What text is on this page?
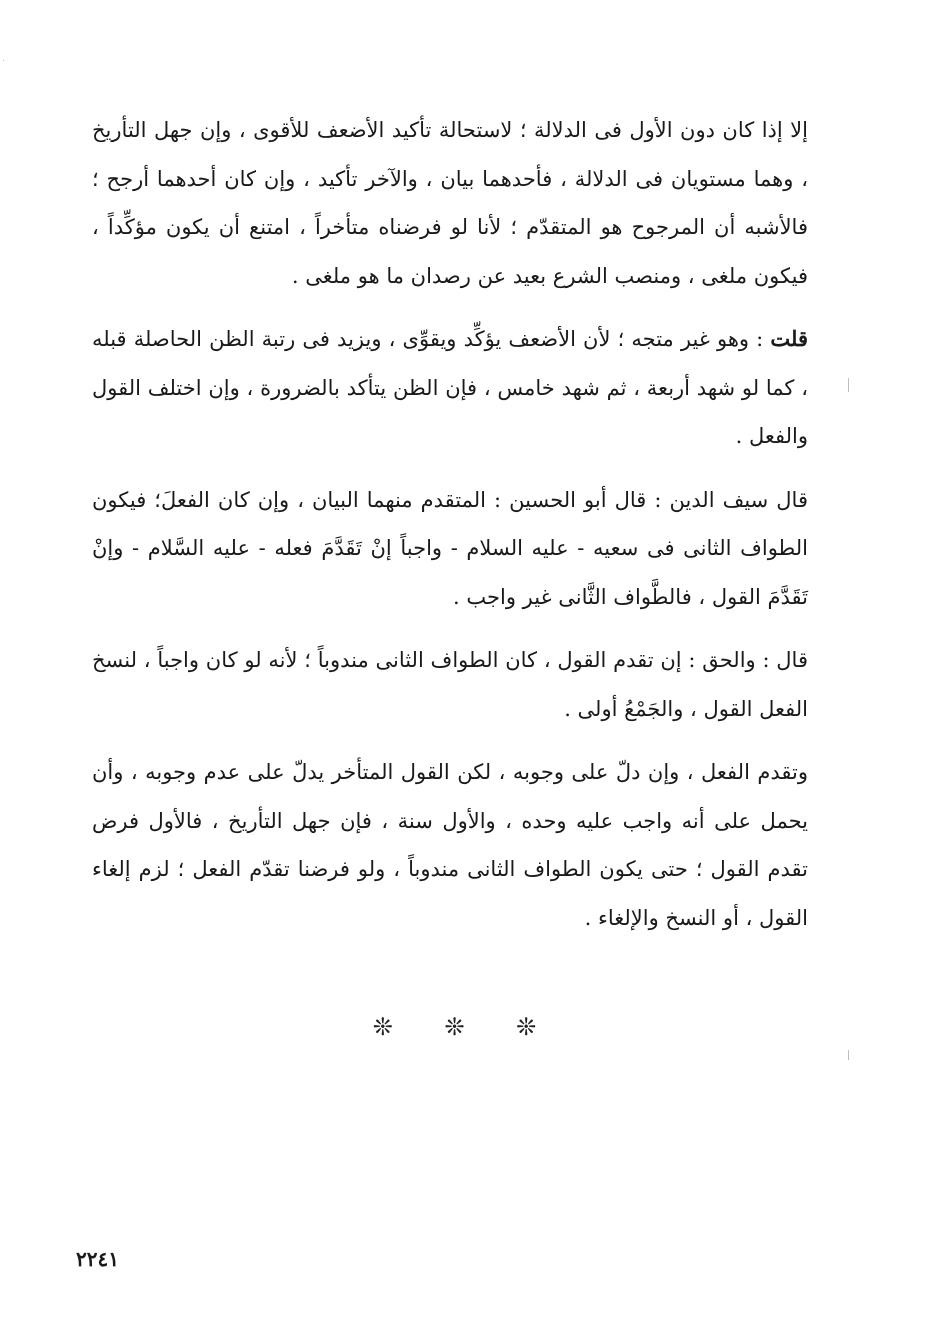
إلا إذا كان دون الأول فى الدلالة ؛ لاستحالة تأكيد الأضعف للأقوى ، وإن جهل التأريخ ، وهما مستويان فى الدلالة ، فأحدهما بيان ، والآخر تأكيد ، وإن كان أحدهما أرجح ؛ فالأشبه أن المرجوح هو المتقدّم ؛ لأنا لو فرضناه متأخراً ، امتنع أن يكون مؤكِّداً ، فيكون ملغى ، ومنصب الشرع بعيد عن رصدان ما هو ملغى .

قلت : وهو غير متجه ؛ لأن الأضعف يؤكِّد ويقوِّى ، ويزيد فى رتبة الظن الحاصلة قبله ، كما لو شهد أربعة ، ثم شهد خامس ، فإن الظن يتأكد بالضرورة ، وإن اختلف القول والفعل .

قال سيف الدين : قال أبو الحسين : المتقدم منهما البيان ، وإن كان الفعلَ؛ فيكون الطواف الثانى فى سعيه - عليه السلام - واجباً إنْ تَقَدَّمَ فعله - عليه السَّلام - وإنْ تَقَدَّمَ القول ، فالطَّواف الثَّانى غير واجب .

قال : والحق : إن تقدم القول ، كان الطواف الثانى مندوباً ؛ لأنه لو كان واجباً ، لنسخ الفعل القول ، والجَمْعُ أولى .

وتقدم الفعل ، وإن دلّ على وجوبه ، لكن القول المتأخر يدلّ على عدم وجوبه ، وأن يحمل على أنه واجب عليه وحده ، والأول سنة ، فإن جهل التأريخ ، فالأول فرض تقدم القول ؛ حتى يكون الطواف الثانى مندوباً ، ولو فرضنا تقدّم الفعل ؛ لزم إلغاء القول ، أو النسخ والإلغاء .

❊ ❊ ❊
٢٢٤١
